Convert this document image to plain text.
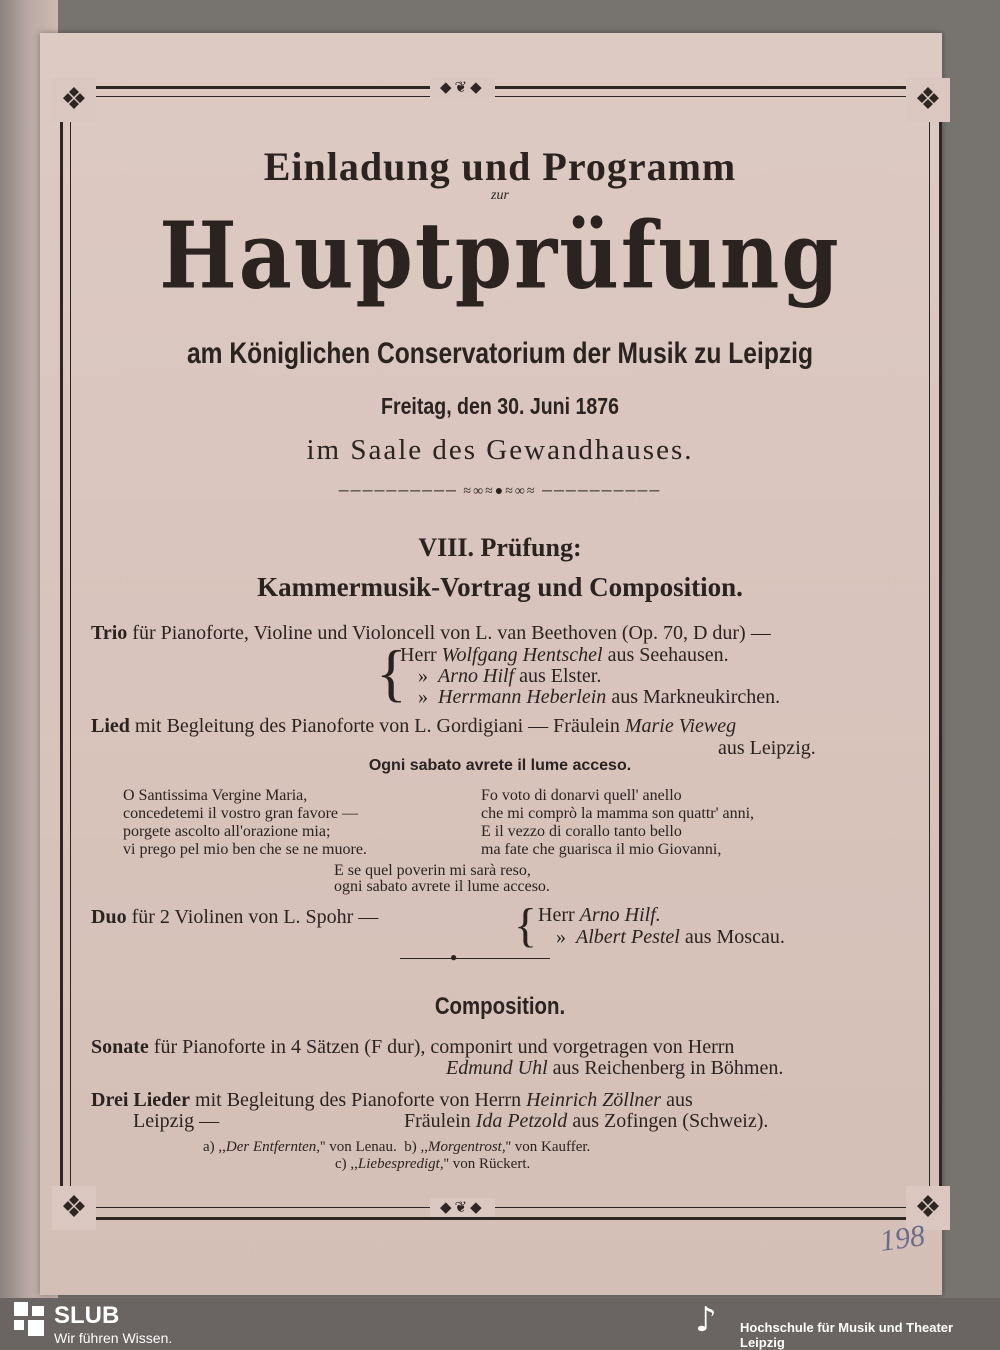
❖	❖
❖	❖
◆❦◆
◆❦◆
Einladung und Programm
zur
Hauptprüfung
am Königlichen Conservatorium der Musik zu Leipzig
Freitag, den 30. Juni 1876
im Saale des Gewandhauses.
────────── ≈∞≈●≈∞≈ ──────────
VIII. Prüfung:
Kammermusik-Vortrag und Composition.
Trio für Pianoforte, Violine und Violoncell von L. van Beethoven (Op. 70, D dur) —
{
Herr Wolfgang Hentschel aus Seehausen.
» Arno Hilf aus Elster.
» Herrmann Heberlein aus Markneukirchen.
Lied mit Begleitung des Pianoforte von L. Gordigiani — Fräulein Marie Vieweg
aus Leipzig.
Ogni sabato avrete il lume acceso.
O Santissima Vergine Maria,
concedetemi il vostro gran favore —
porgete ascolto all'orazione mia;
vi prego pel mio ben che se ne muore.
Fo voto di donarvi quell' anello
che mi comprò la mamma son quattr' anni,
E il vezzo di corallo tanto bello
ma fate che guarisca il mio Giovanni,
E se quel poverin mi sarà reso,
ogni sabato avrete il lume acceso.
Duo für 2 Violinen von L. Spohr —	{ Herr Arno Hilf.
» Albert Pestel aus Moscau.
●
Composition.
Sonate für Pianoforte in 4 Sätzen (F dur), componirt und vorgetragen von Herrn
Edmund Uhl aus Reichenberg in Böhmen.
Drei Lieder mit Begleitung des Pianoforte von Herrn Heinrich Zöllner aus
Leipzig —	Fräulein Ida Petzold aus Zofingen (Schweiz).
a) ,,Der Entfernten,'' von Lenau. b) ,,Morgentrost,'' von Kauffer.
c) ,,Liebespredigt,'' von Rückert.
198
SLUB
Wir führen Wissen.	♪ Hochschule für Musik und Theater Leipzig
